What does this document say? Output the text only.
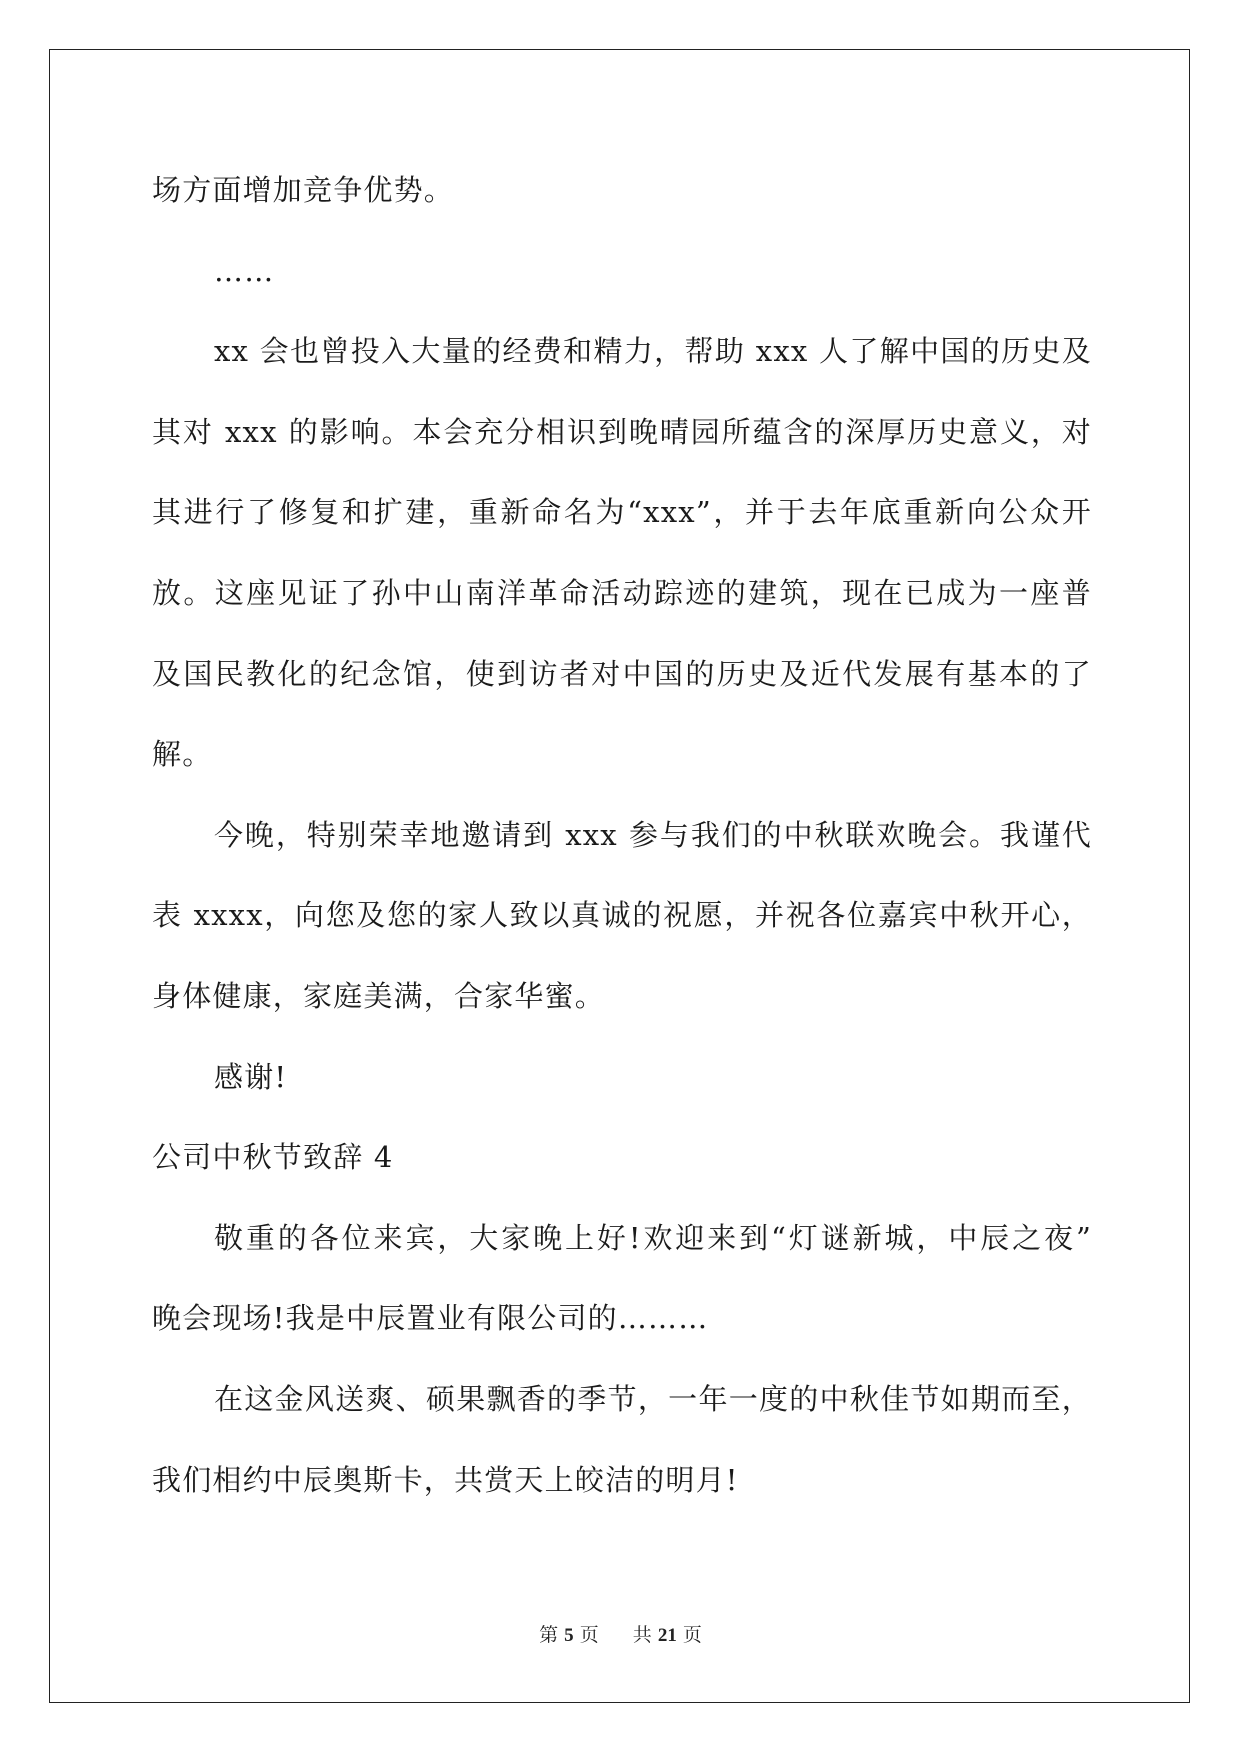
场方面增加竞争优势。
……
xx 会也曾投入大量的经费和精力，帮助 xxx 人了解中国的历史及
其对 xxx 的影响。本会充分相识到晚晴园所蕴含的深厚历史意义，对
其进行了修复和扩建，重新命名为“xxx”，并于去年底重新向公众开
放。这座见证了孙中山南洋革命活动踪迹的建筑，现在已成为一座普
及国民教化的纪念馆，使到访者对中国的历史及近代发展有基本的了
解。
今晚，特别荣幸地邀请到 xxx 参与我们的中秋联欢晚会。我谨代
表 xxxx，向您及您的家人致以真诚的祝愿，并祝各位嘉宾中秋开心，
身体健康，家庭美满，合家华蜜。
感谢!
公司中秋节致辞 4
敬重的各位来宾，大家晚上好!欢迎来到“灯谜新城，中辰之夜”
晚会现场!我是中辰置业有限公司的………
在这金风送爽、硕果飘香的季节，一年一度的中秋佳节如期而至，
我们相约中辰奥斯卡，共赏天上皎洁的明月!
第 5 页 共 21 页
